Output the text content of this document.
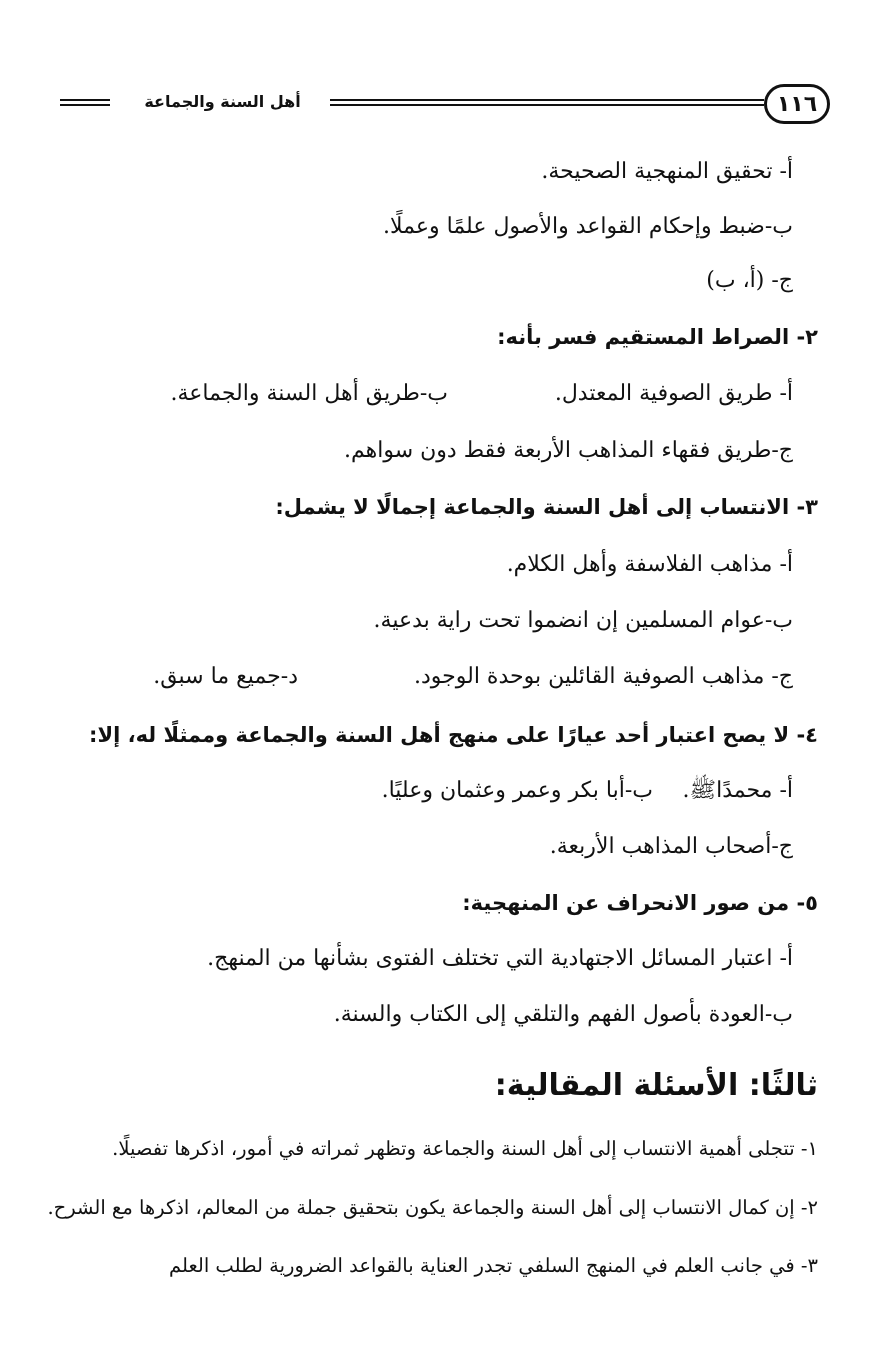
١١٦
أهل السنة والجماعة
أ- تحقيق المنهجية الصحيحة.
ب-ضبط وإحكام القواعد والأصول علمًا وعملًا.
ج- (أ، ب)
٢- الصراط المستقيم فسر بأنه:
أ- طريق الصوفية المعتدل.
ب-طريق أهل السنة والجماعة.
ج-طريق فقهاء المذاهب الأربعة فقط دون سواهم.
٣- الانتساب إلى أهل السنة والجماعة إجمالًا لا يشمل:
أ- مذاهب الفلاسفة وأهل الكلام.
ب-عوام المسلمين إن انضموا تحت راية بدعية.
ج- مذاهب الصوفية القائلين بوحدة الوجود.
د-جميع ما سبق.
٤- لا يصح اعتبار أحد عيارًا على منهج أهل السنة والجماعة وممثلًا له، إلا:
أ- محمدًاﷺ.
ب-أبا بكر وعمر وعثمان وعليًا.
ج-أصحاب المذاهب الأربعة.
٥- من صور الانحراف عن المنهجية:
أ- اعتبار المسائل الاجتهادية التي تختلف الفتوى بشأنها من المنهج.
ب-العودة بأصول الفهم والتلقي إلى الكتاب والسنة.
ثالثًا: الأسئلة المقالية:
١- تتجلى أهمية الانتساب إلى أهل السنة والجماعة وتظهر ثمراته في أمور، اذكرها تفصيلًا.
٢- إن كمال الانتساب إلى أهل السنة والجماعة يكون بتحقيق جملة من المعالم، اذكرها مع الشرح.
٣- في جانب العلم في المنهج السلفي تجدر العناية بالقواعد الضرورية لطلب العلم
